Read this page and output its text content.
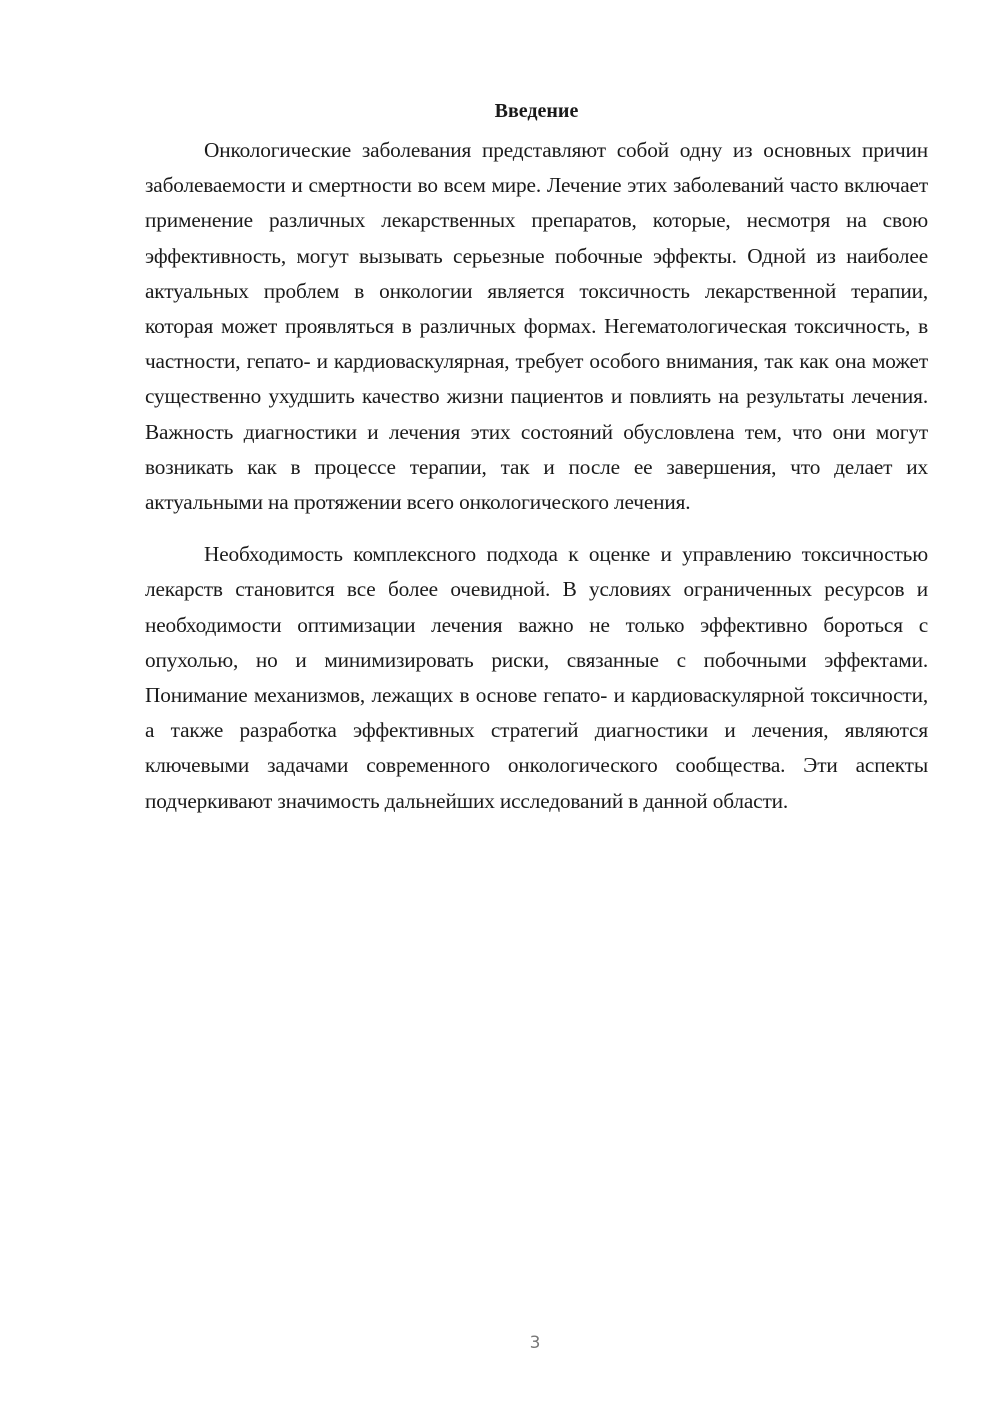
Введение

Онкологические заболевания представляют собой одну из основных причин заболеваемости и смертности во всем мире. Лечение этих заболеваний часто включает применение различных лекарственных препаратов, которые, несмотря на свою эффективность, могут вызывать серьезные побочные эффекты. Одной из наиболее актуальных проблем в онкологии является токсичность лекарственной терапии, которая может проявляться в различных формах. Негематологическая токсичность, в частности, гепато- и кардиоваскулярная, требует особого внимания, так как она может существенно ухудшить качество жизни пациентов и повлиять на результаты лечения. Важность диагностики и лечения этих состояний обусловлена тем, что они могут возникать как в процессе терапии, так и после ее завершения, что делает их актуальными на протяжении всего онкологического лечения.

Необходимость комплексного подхода к оценке и управлению токсичностью лекарств становится все более очевидной. В условиях ограниченных ресурсов и необходимости оптимизации лечения важно не только эффективно бороться с опухолью, но и минимизировать риски, связанные с побочными эффектами. Понимание механизмов, лежащих в основе гепато- и кардиоваскулярной токсичности, а также разработка эффективных стратегий диагностики и лечения, являются ключевыми задачами современного онкологического сообщества. Эти аспекты подчеркивают значимость дальнейших исследований в данной области.

3
